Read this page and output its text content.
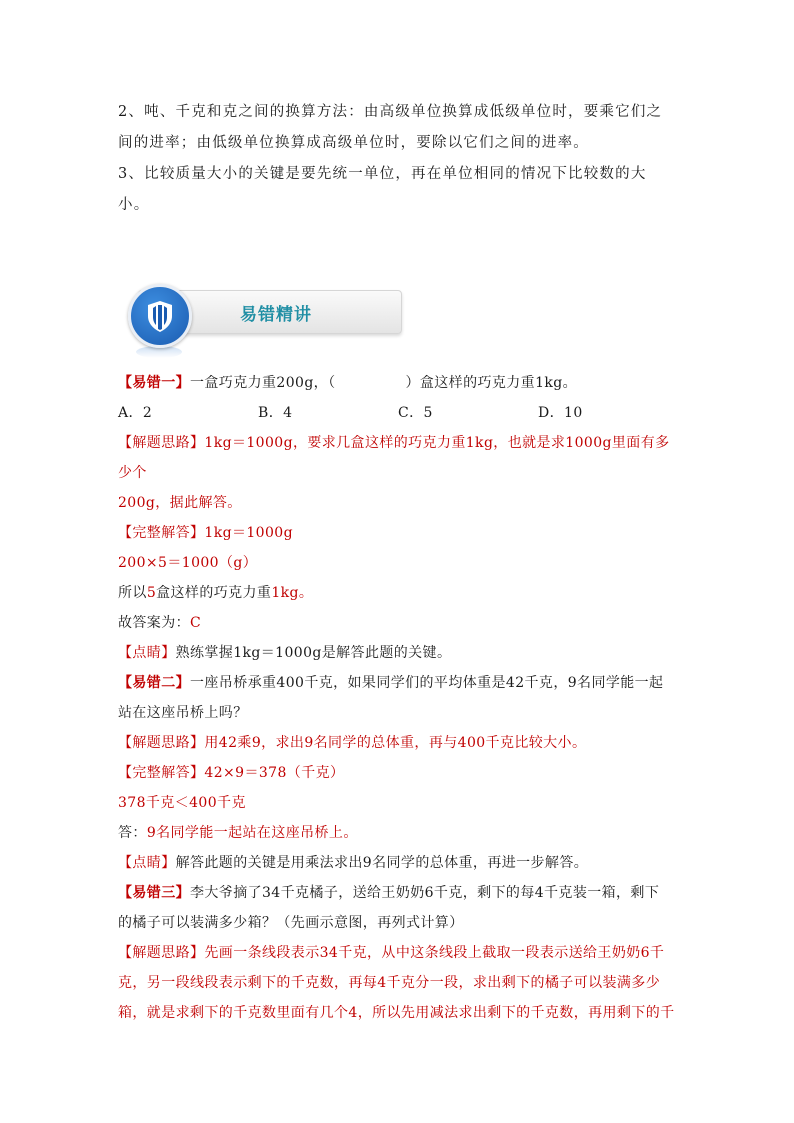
2、吨、千克和克之间的换算方法：由高级单位换算成低级单位时，要乘它们之

间的进率；由低级单位换算成高级单位时，要除以它们之间的进率。

3、比较质量大小的关键是要先统一单位，再在单位相同的情况下比较数的大

小。

易错精讲

【易错一】一盒巧克力重200g，（	）盒这样的巧克力重1kg。

A．2	B．4	C．5	D．10

【解题思路】1kg＝1000g，要求几盒这样的巧克力重1kg，也就是求1000g里面有多少个

200g，据此解答。

【完整解答】1kg＝1000g

200×5＝1000（g）

所以5盒这样的巧克力重1kg。

故答案为：C

【点睛】熟练掌握1kg＝1000g是解答此题的关键。

【易错二】一座吊桥承重400千克，如果同学们的平均体重是42千克，9名同学能一起

站在这座吊桥上吗？

【解题思路】用42乘9，求出9名同学的总体重，再与400千克比较大小。

【完整解答】42×9＝378（千克）

378千克＜400千克

答：9名同学能一起站在这座吊桥上。

【点睛】解答此题的关键是用乘法求出9名同学的总体重，再进一步解答。

【易错三】李大爷摘了34千克橘子，送给王奶奶6千克，剩下的每4千克装一箱，剩下

的橘子可以装满多少箱？（先画示意图，再列式计算）

【解题思路】先画一条线段表示34千克，从中这条线段上截取一段表示送给王奶奶6千

克，另一段线段表示剩下的千克数，再每4千克分一段，求出剩下的橘子可以装满多少

箱，就是求剩下的千克数里面有几个4，所以先用减法求出剩下的千克数，再用剩下的千
